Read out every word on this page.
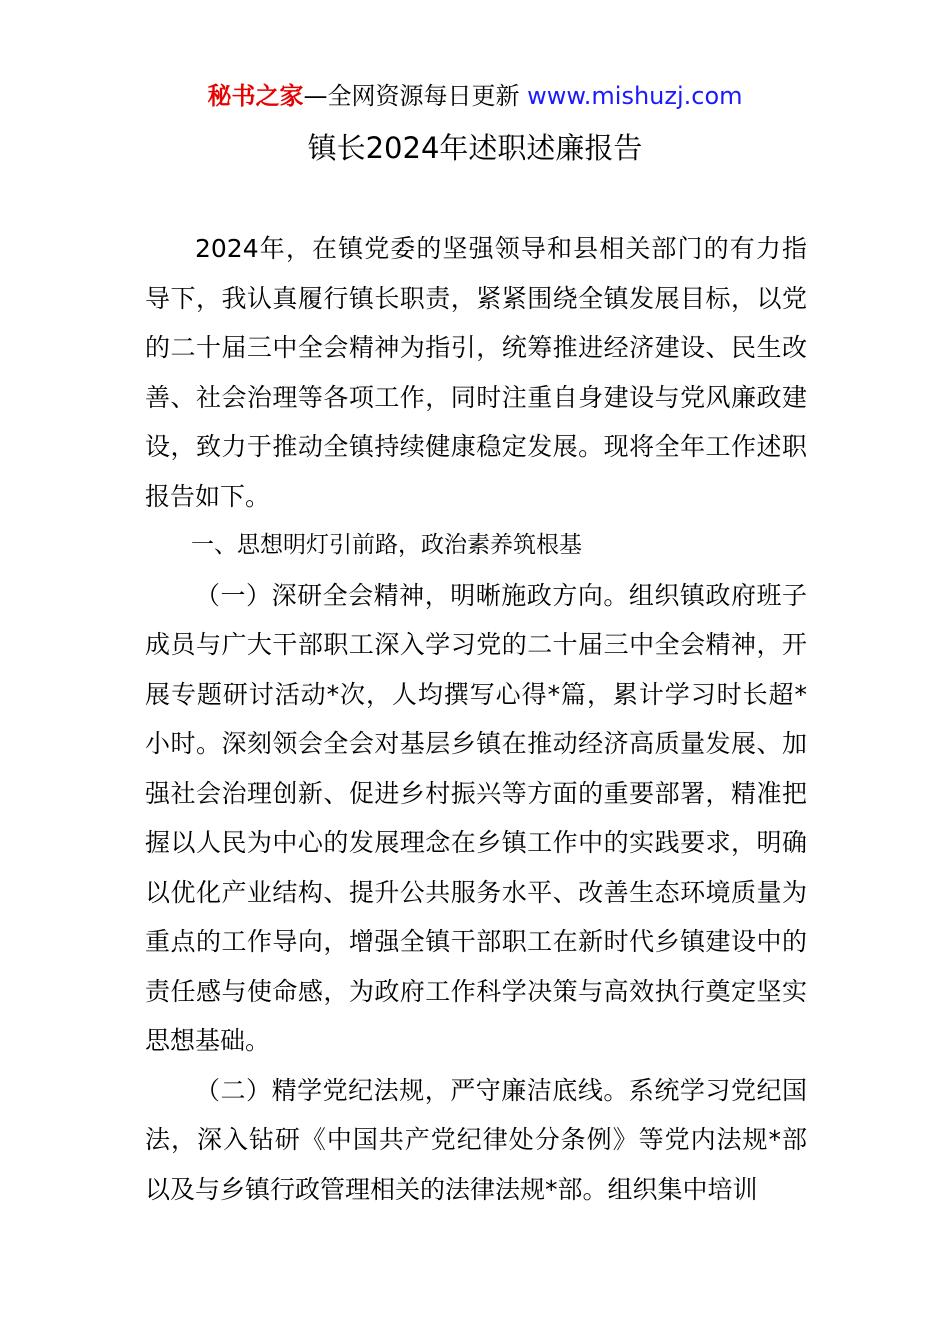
秘书之家—全网资源每日更新 www.mishuzj.com
镇长2024年述职述廉报告

2024年，在镇党委的坚强领导和县相关部门的有力指导下，我认真履行镇长职责，紧紧围绕全镇发展目标，以党的二十届三中全会精神为指引，统筹推进经济建设、民生改善、社会治理等各项工作，同时注重自身建设与党风廉政建设，致力于推动全镇持续健康稳定发展。现将全年工作述职报告如下。

一、思想明灯引前路，政治素养筑根基

（一）深研全会精神，明晰施政方向。组织镇政府班子成员与广大干部职工深入学习党的二十届三中全会精神，开展专题研讨活动*次，人均撰写心得*篇，累计学习时长超*小时。深刻领会全会对基层乡镇在推动经济高质量发展、加强社会治理创新、促进乡村振兴等方面的重要部署，精准把握以人民为中心的发展理念在乡镇工作中的实践要求，明确以优化产业结构、提升公共服务水平、改善生态环境质量为重点的工作导向，增强全镇干部职工在新时代乡镇建设中的责任感与使命感，为政府工作科学决策与高效执行奠定坚实思想基础。

（二）精学党纪法规，严守廉洁底线。系统学习党纪国法，深入钻研《中国共产党纪律处分条例》等党内法规*部以及与乡镇行政管理相关的法律法规*部。组织集中培训
